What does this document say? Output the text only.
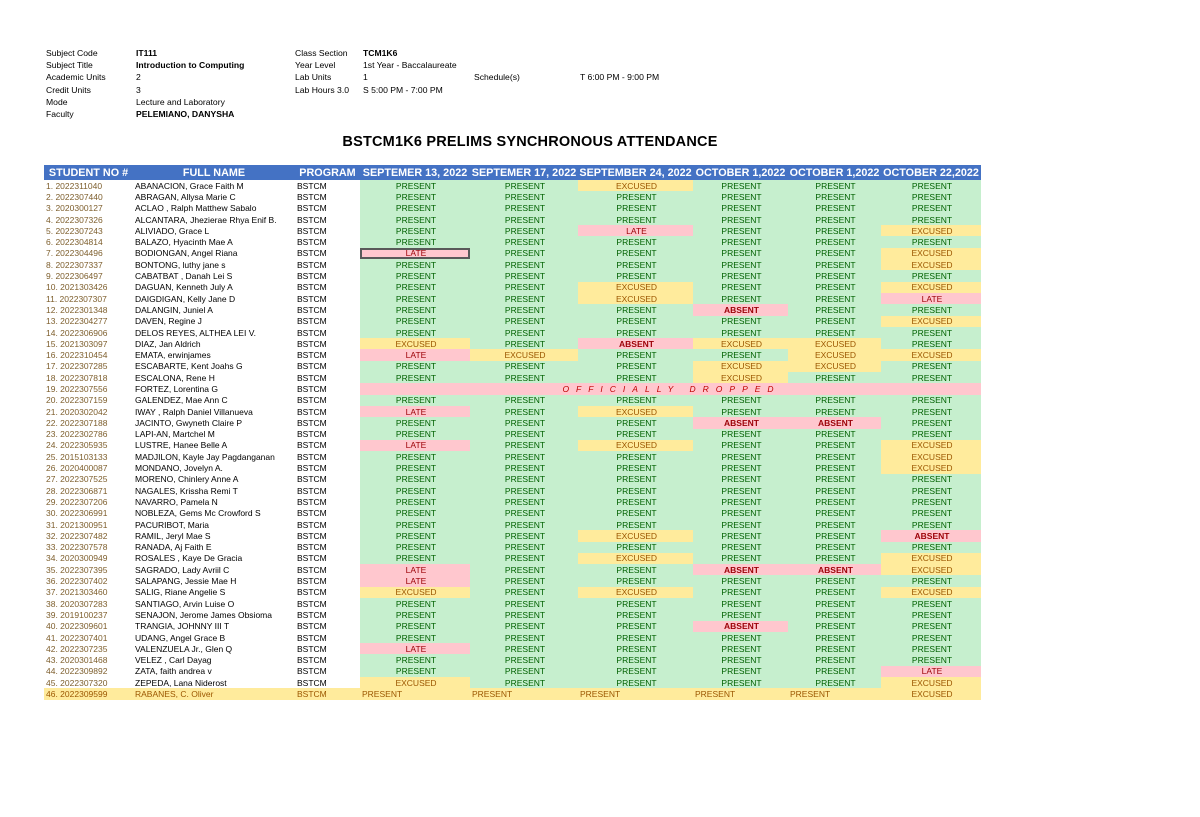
Subject Code	IT111	Class Section TCM1K6
Subject Title	Introduction to Computing	Year Level	1st Year - Baccalaureate
Academic Units	2	Lab Units	1	Schedule(s)	T 6:00 PM - 9:00 PM
Credit Units	3	Lab Hours 3.0 S 5:00 PM - 7:00 PM
Mode	Lecture and Laboratory
Faculty	PELEMIANO, DANYSHA
BSTCM1K6 PRELIMS SYNCHRONOUS ATTENDANCE
STUDENT NO #	FULL NAME	PROGRAM	SEPTEMER 13, 2022	SEPTEMER 17, 2022	SEPTEMBER 24, 2022	OCTOBER 1,2022	OCTOBER 1,2022	OCTOBER 22,2022
1. 2022311040	ABANACION, Grace Faith M	BSTCM	PRESENT	PRESENT	EXCUSED	PRESENT	PRESENT	PRESENT
2. 2022307440	ABRAGAN, Allysa Marie C	BSTCM	PRESENT	PRESENT	PRESENT	PRESENT	PRESENT	PRESENT
3. 2020300127	ACLAO , Ralph Matthew Sabalo	BSTCM	PRESENT	PRESENT	PRESENT	PRESENT	PRESENT	PRESENT
4. 2022307326	ALCANTARA, Jhezierae Rhya Enif B.	BSTCM	PRESENT	PRESENT	PRESENT	PRESENT	PRESENT	PRESENT
5. 2022307243	ALIVIADO, Grace L	BSTCM	PRESENT	PRESENT	LATE	PRESENT	PRESENT	EXCUSED
6. 2022304814	BALAZO, Hyacinth Mae A	BSTCM	PRESENT	PRESENT	PRESENT	PRESENT	PRESENT	PRESENT
7. 2022304496	BODIONGAN, Angel Riana	BSTCM	LATE	PRESENT	PRESENT	PRESENT	PRESENT	EXCUSED
8. 2022307337	BONTONG, luthy jane s	BSTCM	PRESENT	PRESENT	PRESENT	PRESENT	PRESENT	EXCUSED
9. 2022306497	CABATBAT , Danah Lei S	BSTCM	PRESENT	PRESENT	PRESENT	PRESENT	PRESENT	PRESENT
10. 2021303426	DAGUAN, Kenneth July A	BSTCM	PRESENT	PRESENT	EXCUSED	PRESENT	PRESENT	EXCUSED
11. 2022307307	DAIGDIGAN, Kelly Jane D	BSTCM	PRESENT	PRESENT	EXCUSED	PRESENT	PRESENT	LATE
12. 2022301348	DALANGIN, Juniel A	BSTCM	PRESENT	PRESENT	PRESENT	ABSENT	PRESENT	PRESENT
13. 2022304277	DAVEN, Regine J	BSTCM	PRESENT	PRESENT	PRESENT	PRESENT	PRESENT	EXCUSED
14. 2022306906	DELOS REYES, ALTHEA LEI V.	BSTCM	PRESENT	PRESENT	PRESENT	PRESENT	PRESENT	PRESENT
15. 2021303097	DIAZ, Jan Aldrich	BSTCM	EXCUSED	PRESENT	ABSENT	EXCUSED	EXCUSED	PRESENT
16. 2022310454	EMATA, erwinjames	BSTCM	LATE	EXCUSED	PRESENT	PRESENT	EXCUSED	EXCUSED
17. 2022307285	ESCABARTE, Kent Joahs G	BSTCM	PRESENT	PRESENT	PRESENT	EXCUSED	EXCUSED	PRESENT
18. 2022307818	ESCALONA, Rene H	BSTCM	PRESENT	PRESENT	PRESENT	EXCUSED	PRESENT	PRESENT
19. 2022307556	FORTEZ, Lorentina G	BSTCM	OFFICIALLY DROPPED					
20. 2022307159	GALENDEZ, Mae Ann C	BSTCM	PRESENT	PRESENT	PRESENT	PRESENT	PRESENT	PRESENT
21. 2020302042	IWAY , Ralph Daniel Villanueva	BSTCM	LATE	PRESENT	EXCUSED	PRESENT	PRESENT	PRESENT
22. 2022307188	JACINTO, Gwyneth Claire P	BSTCM	PRESENT	PRESENT	PRESENT	ABSENT	ABSENT	PRESENT
23. 2022302786	LAPI-AN, Martchel M	BSTCM	PRESENT	PRESENT	PRESENT	PRESENT	PRESENT	PRESENT
24. 2022305935	LUSTRE, Hanee Belle A	BSTCM	LATE	PRESENT	EXCUSED	PRESENT	PRESENT	EXCUSED
25. 2015103133	MADJILON, Kayle Jay Pagdanganan	BSTCM	PRESENT	PRESENT	PRESENT	PRESENT	PRESENT	EXCUSED
26. 2020400087	MONDANO, Jovelyn A.	BSTCM	PRESENT	PRESENT	PRESENT	PRESENT	PRESENT	EXCUSED
27. 2022307525	MORENO, Chinlery Anne A	BSTCM	PRESENT	PRESENT	PRESENT	PRESENT	PRESENT	PRESENT
28. 2022306871	NAGALES, Krissha Remi T	BSTCM	PRESENT	PRESENT	PRESENT	PRESENT	PRESENT	PRESENT
29. 2022307206	NAVARRO, Pamela N	BSTCM	PRESENT	PRESENT	PRESENT	PRESENT	PRESENT	PRESENT
30. 2022306991	NOBLEZA, Gems Mc Crowford S	BSTCM	PRESENT	PRESENT	PRESENT	PRESENT	PRESENT	PRESENT
31. 2021300951	PACURIBOT, Maria	BSTCM	PRESENT	PRESENT	PRESENT	PRESENT	PRESENT	PRESENT
32. 2022307482	RAMIL, Jeryl Mae S	BSTCM	PRESENT	PRESENT	EXCUSED	PRESENT	PRESENT	ABSENT
33. 2022307578	RANADA, Aj Faith E	BSTCM	PRESENT	PRESENT	PRESENT	PRESENT	PRESENT	PRESENT
34. 2020300949	ROSALES , Kaye De Gracia	BSTCM	PRESENT	PRESENT	EXCUSED	PRESENT	PRESENT	EXCUSED
35. 2022307395	SAGRADO, Lady Avriil C	BSTCM	LATE	PRESENT	PRESENT	ABSENT	ABSENT	EXCUSED
36. 2022307402	SALAPANG, Jessie Mae H	BSTCM	LATE	PRESENT	PRESENT	PRESENT	PRESENT	PRESENT
37. 2021303460	SALIG, Riane Angelie S	BSTCM	EXCUSED	PRESENT	EXCUSED	PRESENT	PRESENT	EXCUSED
38. 2020307283	SANTIAGO, Arvin Luise O	BSTCM	PRESENT	PRESENT	PRESENT	PRESENT	PRESENT	PRESENT
39. 2019100237	SENAJON, Jerome James Obsioma	BSTCM	PRESENT	PRESENT	PRESENT	PRESENT	PRESENT	PRESENT
40. 2022309601	TRANGIA, JOHNNY III T	BSTCM	PRESENT	PRESENT	PRESENT	ABSENT	PRESENT	PRESENT
41. 2022307401	UDANG, Angel Grace B	BSTCM	PRESENT	PRESENT	PRESENT	PRESENT	PRESENT	PRESENT
42. 2022307235	VALENZUELA Jr., Glen Q	BSTCM	LATE	PRESENT	PRESENT	PRESENT	PRESENT	PRESENT
43. 2020301468	VELEZ , Carl Dayag	BSTCM	PRESENT	PRESENT	PRESENT	PRESENT	PRESENT	PRESENT
44. 2022309892	ZATA, faith andrea v	BSTCM	PRESENT	PRESENT	PRESENT	PRESENT	PRESENT	LATE
45. 2022307320	ZEPEDA, Lana Niderost	BSTCM	EXCUSED	PRESENT	PRESENT	PRESENT	PRESENT	EXCUSED
46. 2022309599	RABANES, C. Oliver	BSTCM	PRESENT	PRESENT	PRESENT	PRESENT	PRESENT	EXCUSED
